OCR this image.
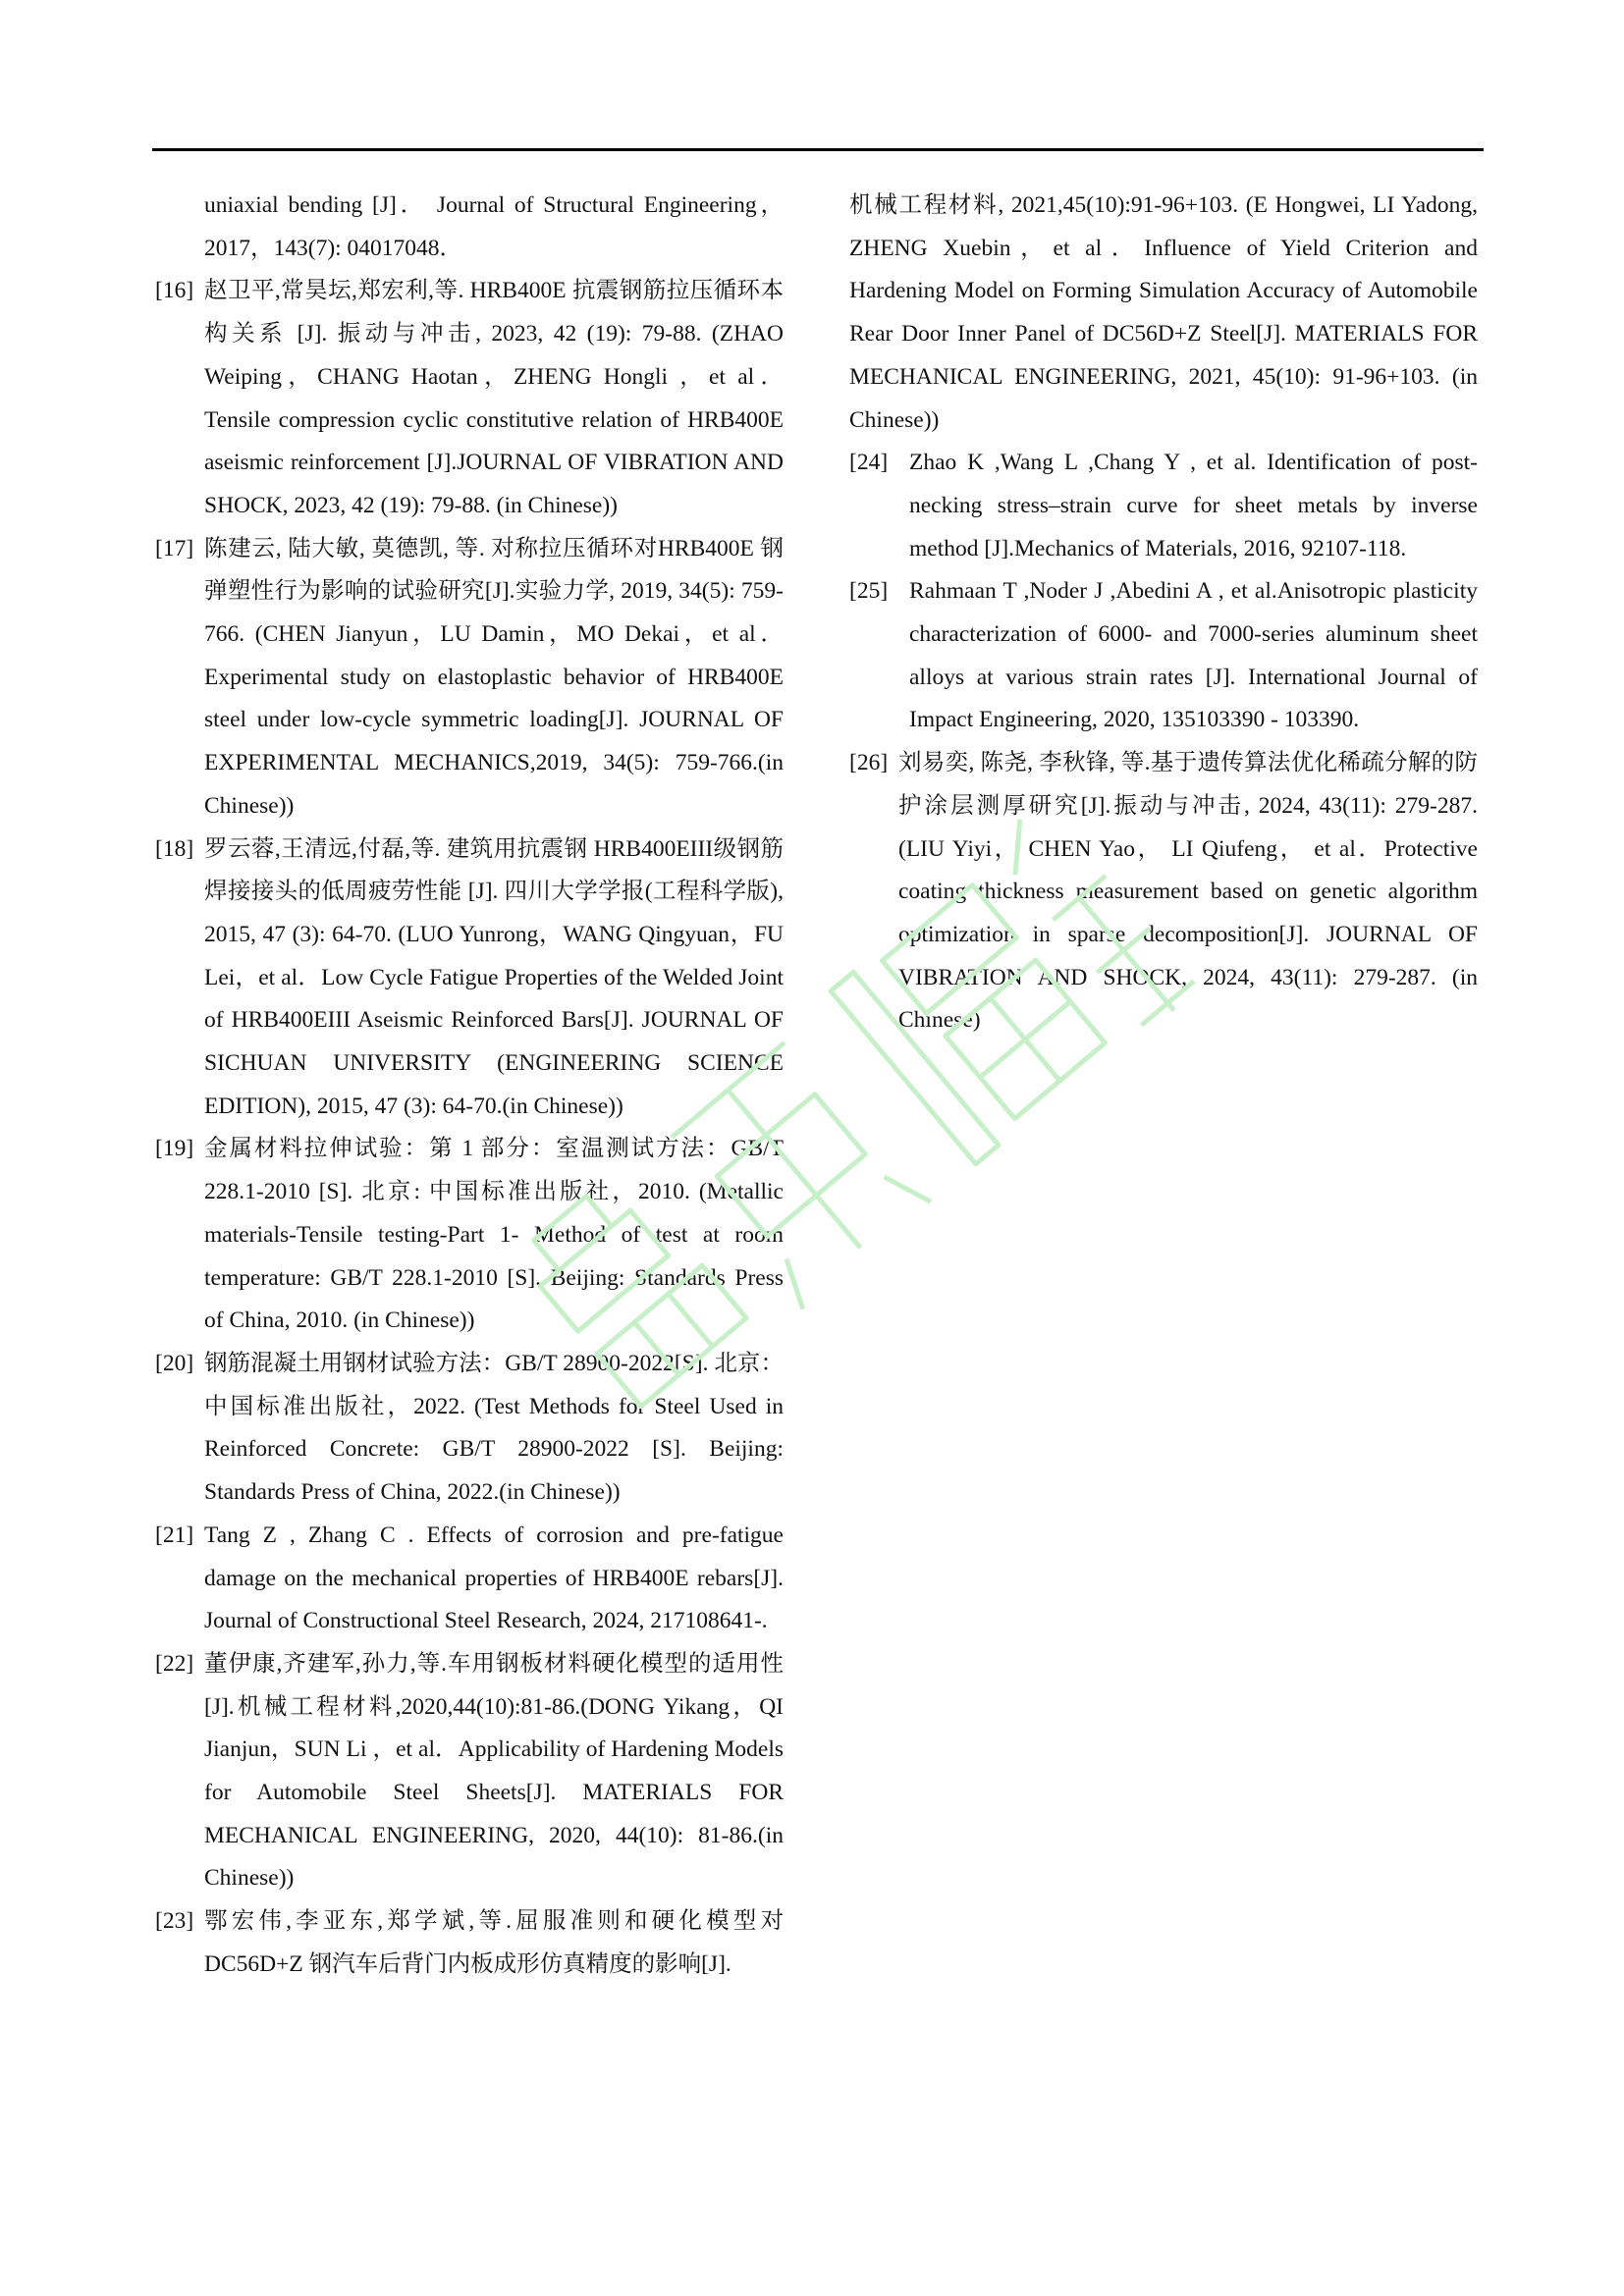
uniaxial bending [J]． Journal of Structural Engineering，2017，143(7): 04017048．

[16] 赵卫平,常昊坛,郑宏利,等. HRB400E 抗震钢筋拉压循环本构关系 [J]. 振动与冲击, 2023, 42 (19): 79-88. (ZHAO Weiping，CHANG Haotan，ZHENG Hongli ，et al．Tensile compression cyclic constitutive relation of HRB400E aseismic reinforcement [J].JOURNAL OF VIBRATION AND SHOCK, 2023, 42 (19): 79-88. (in Chinese))

[17] 陈建云, 陆大敏, 莫德凯, 等. 对称拉压循环对HRB400E 钢弹塑性行为影响的试验研究[J].实验力学, 2019, 34(5): 759-766. (CHEN Jianyun，LU Damin，MO Dekai，et al．Experimental study on elastoplastic behavior of HRB400E steel under low-cycle symmetric loading[J]. JOURNAL OF EXPERIMENTAL MECHANICS,2019, 34(5): 759-766.(in Chinese))

[18] 罗云蓉,王清远,付磊,等. 建筑用抗震钢 HRB400EIII级钢筋焊接接头的低周疲劳性能 [J]. 四川大学学报(工程科学版), 2015, 47 (3): 64-70. (LUO Yunrong，WANG Qingyuan，FU Lei，et al．Low Cycle Fatigue Properties of the Welded Joint of HRB400EIII Aseismic Reinforced Bars[J]. JOURNAL OF SICHUAN UNIVERSITY (ENGINEERING SCIENCE EDITION), 2015, 47 (3): 64-70.(in Chinese))

[19] 金属材料拉伸试验：第 1 部分：室温测试方法：GB/T 228.1-2010 [S]. 北京: 中国标准出版社，2010. (Metallic materials-Tensile testing-Part 1- Method of test at room temperature: GB/T 228.1-2010 [S]. Beijing: Standards Press of China, 2010. (in Chinese))

[20] 钢筋混凝土用钢材试验方法：GB/T 28900-2022[S]. 北京：中国标准出版社，2022. (Test Methods for Steel Used in Reinforced Concrete: GB/T 28900-2022 [S]. Beijing: Standards Press of China, 2022.(in Chinese))

[21] Tang Z , Zhang C . Effects of corrosion and pre-fatigue damage on the mechanical properties of HRB400E rebars[J]. Journal of Constructional Steel Research, 2024, 217108641-.

[22] 董伊康,齐建军,孙力,等.车用钢板材料硬化模型的适用性[J].机械工程材料,2020,44(10):81-86.(DONG Yikang，QI Jianjun，SUN Li ，et al．Applicability of Hardening Models for Automobile Steel Sheets[J]. MATERIALS FOR MECHANICAL ENGINEERING, 2020, 44(10): 81-86.(in Chinese))

[23] 鄂宏伟,李亚东,郑学斌,等.屈服准则和硬化模型对DC56D+Z 钢汽车后背门内板成形仿真精度的影响[J].

机械工程材料, 2021,45(10):91-96+103. (E Hongwei, LI Yadong, ZHENG Xuebin，et al．Influence of Yield Criterion and Hardening Model on Forming Simulation Accuracy of Automobile Rear Door Inner Panel of DC56D+Z Steel[J]. MATERIALS FOR MECHANICAL ENGINEERING, 2021, 45(10): 91-96+103. (in Chinese))

[24] Zhao K ,Wang L ,Chang Y , et al. Identification of post-necking stress–strain curve for sheet metals by inverse method [J].Mechanics of Materials, 2016, 92107-118.

[25] Rahmaan T ,Noder J ,Abedini A , et al.Anisotropic plasticity characterization of 6000- and 7000-series aluminum sheet alloys at various strain rates [J]. International Journal of Impact Engineering, 2020, 135103390 - 103390.

[26] 刘易奕, 陈尧, 李秋锋, 等.基于遗传算法优化稀疏分解的防护涂层测厚研究[J].振动与冲击, 2024, 43(11): 279-287. (LIU Yiyi， CHEN Yao， LI Qiufeng， et al．Protective coating thickness measurement based on genetic algorithm optimization in sparse decomposition[J]. JOURNAL OF VIBRATION AND SHOCK, 2024, 43(11): 279-287. (in Chinese)
